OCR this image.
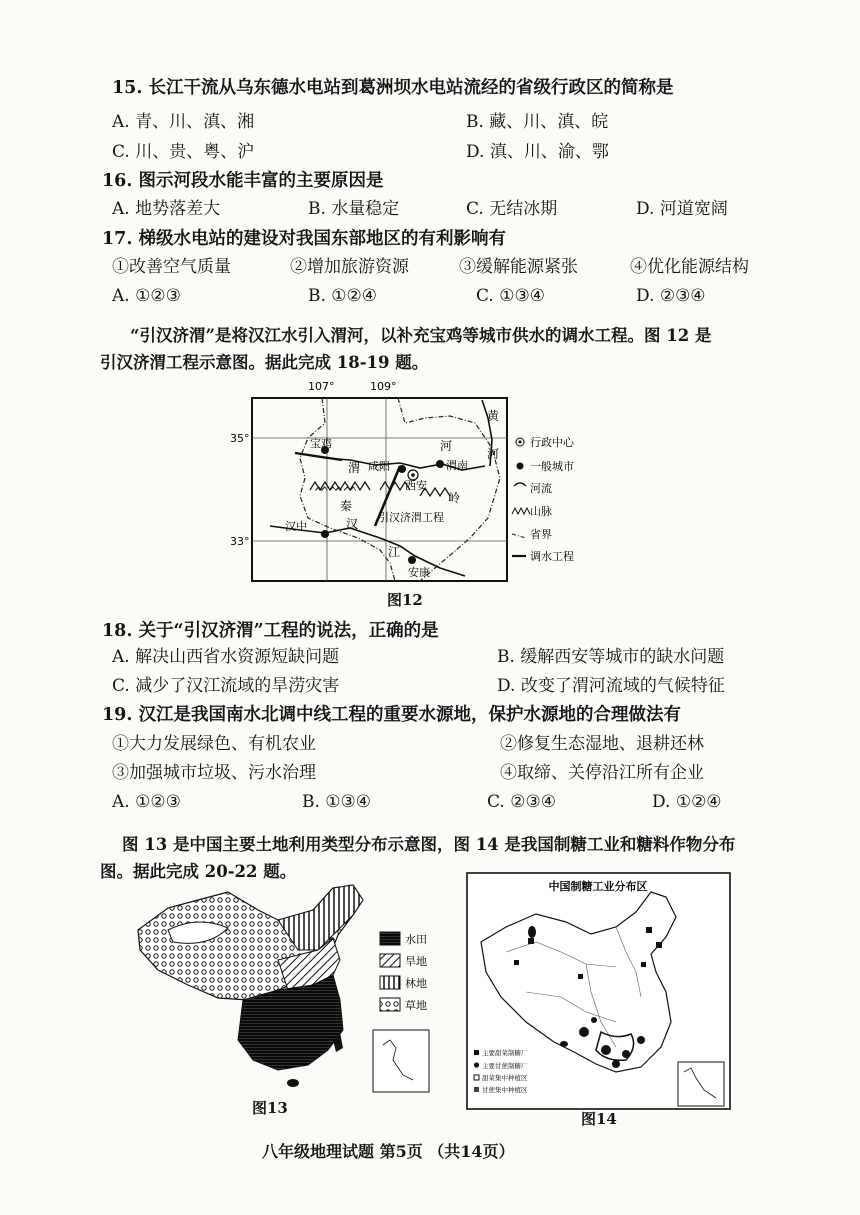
15. 长江干流从乌东德水电站到葛洲坝水电站流经的省级行政区的简称是
A. 青、川、滇、湘	B. 藏、川、滇、皖
C. 川、贵、粤、沪	D. 滇、川、渝、鄂
16. 图示河段水能丰富的主要原因是
A. 地势落差大	B. 水量稳定	C. 无结冰期	D. 河道宽阔
17. 梯级水电站的建设对我国东部地区的有利影响有
①改善空气质量	②增加旅游资源	③缓解能源紧张	④优化能源结构
A. ①②③	B. ①②④	C. ①③④	D. ②③④
“引汉济渭”是将汉江水引入渭河，以补充宝鸡等城市供水的调水工程。图 12 是
引汉济渭工程示意图。据此完成 18-19 题。
ᨓᨓᨓ
107°	109°
35°
33°
宝鸡
咸阳
西安
渭南
汉中
安康
渭
河
黄
河
秦
岭
汉
江
引汉济渭工程
行政中心
一般城市
河流
山脉
省界
调水工程
图12
18. 关于“引汉济渭”工程的说法，正确的是
A. 解决山西省水资源短缺问题	B. 缓解西安等城市的缺水问题
C. 减少了汉江流域的旱涝灾害	D. 改变了渭河流域的气候特征
19. 汉江是我国南水北调中线工程的重要水源地，保护水源地的合理做法有
①大力发展绿色、有机农业	②修复生态湿地、退耕还林
③加强城市垃圾、污水治理	④取缔、关停沿江所有企业
A. ①②③	B. ①③④	C. ②③④	D. ①②④
图 13 是中国主要土地利用类型分布示意图，图 14 是我国制糖工业和糖料作物分布
图。据此完成 20-22 题。
水田
旱地
林地
草地
图13
中国制糖工业分布区
主要甜菜制糖厂
主要甘蔗制糖厂
甜菜集中种植区
甘蔗集中种植区
图14
八年级地理试题 第5页 （共14页）
